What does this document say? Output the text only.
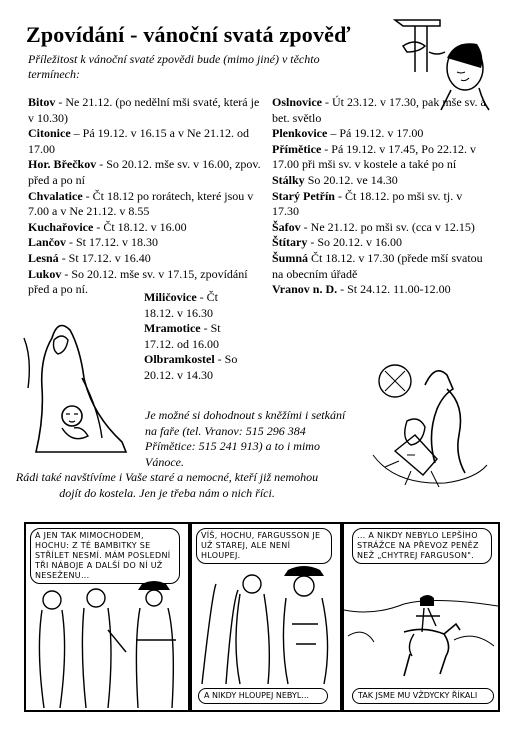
Zpovídání - vánoční svatá zpověď
Příležitost k vánoční svaté zpovědi bude (mimo jiné) v těchto termínech:
Bitov - Ne 21.12. (po nedělní mši svaté, která je v 10.30)
Citonice – Pá 19.12. v 16.15 a v Ne 21.12. od 17.00
Hor. Břečkov - So 20.12. mše sv. v 16.00, zpov. před a po ní
Chvalatice - Čt 18.12 po rorátech, které jsou v 7.00 a v Ne 21.12. v 8.55
Kuchařovice - Čt 18.12. v 16.00
Lančov - St 17.12. v 18.30
Lesná - St 17.12. v 16.40
Lukov - So 20.12. mše sv. v 17.15, zpovídání před a po ní.
Miličovice - Čt 18.12. v 16.30
Mramotice - St 17.12. od 16.00
Olbramkostel - So 20.12. v 14.30
Oslnovice - Út 23.12. v 17.30, pak mše sv. a bet. světlo
Plenkovice – Pá 19.12. v 17.00
Přímětice - Pá 19.12. v 17.45, Po 22.12. v 17.00 při mši sv. v kostele a také po ní
Stálky So 20.12. ve 14.30
Starý Petřín - Čt 18.12. po mši sv. tj. v 17.30
Šafov - Ne 21.12. po mši sv. (cca v 12.15)
Štítary - So 20.12. v 16.00
Šumná Čt 18.12. v 17.30 (přede mší svatou na obecním úřadě
Vranov n. D. - St 24.12. 11.00-12.00
Je možné si dohodnout s kněžími i setkání na faře (tel. Vranov: 515 296 384 Přímětice: 515 241 913) a to i mimo Vánoce.
Rádi také navštívíme i Vaše staré a nemocné, kteří již nemohou dojít do kostela. Jen je třeba nám o nich říci.
A JEN TAK MIMOCHODEM, HOCHU: Z TÉ BAMBITKY SE STŘÍLET NESMÍ. MÁM POSLEDNÍ TŘI NÁBOJE A DALŠÍ DO NÍ UŽ NESEŽENU...
VÍŠ, HOCHU, FARGUSSON JE UŽ STAREJ, ALE NENÍ HLOUPEJ.
A NIKDY HLOUPEJ NEBYL...
... A NIKDY NEBYLO LEPŠÍHO STRÁŽCE NA PŘEVOZ PENĚZ NEŽ „CHYTREJ FARGUSON".
TAK JSME MU VŽDYCKY ŘÍKALI
